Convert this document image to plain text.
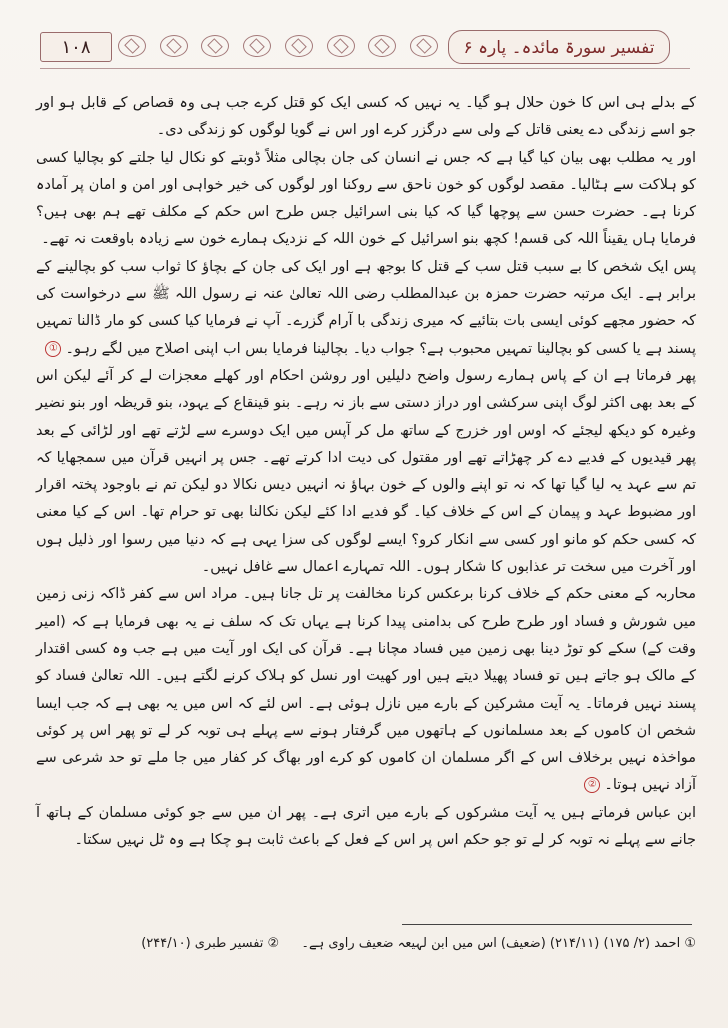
١٠٨	تفسیر سورۃ مائدہ۔ پارہ ۶

کے بدلے ہی اس کا خون حلال ہو گیا۔ یہ نہیں کہ کسی ایک کو قتل کرے جب ہی وہ قصاص کے قابل ہو اور جو اسے زندگی دے یعنی قاتل کے ولی سے درگزر کرے اور اس نے گویا لوگوں کو زندگی دی۔

اور یہ مطلب بھی بیان کیا گیا ہے کہ جس نے انسان کی جان بچالی مثلاً ڈوبتے کو نکال لیا جلتے کو بچالیا کسی کو ہلاکت سے ہٹالیا۔ مقصد لوگوں کو خون ناحق سے روکنا اور لوگوں کی خیر خواہی اور امن و امان پر آمادہ کرنا ہے۔ حضرت حسن سے پوچھا گیا کہ کیا بنی اسرائیل جس طرح اس حکم کے مکلف تھے ہم بھی ہیں؟ فرمایا ہاں یقیناً اللہ کی قسم! کچھ بنو اسرائیل کے خون اللہ کے نزدیک ہمارے خون سے زیادہ باوقعت نہ تھے۔

پس ایک شخص کا بے سبب قتل سب کے قتل کا بوجھ ہے اور ایک کی جان کے بچاؤ کا ثواب سب کو بچالینے کے برابر ہے۔ ایک مرتبہ حضرت حمزہ بن عبدالمطلب رضی اللہ تعالیٰ عنہ نے رسول اللہ ﷺ سے درخواست کی کہ حضور مجھے کوئی ایسی بات بتائیے کہ میری زندگی با آرام گزرے۔ آپ نے فرمایا کیا کسی کو مار ڈالنا تمہیں پسند ہے یا کسی کو بچالینا تمہیں محبوب ہے؟ جواب دیا۔ بچالینا فرمایا بس اب اپنی اصلاح میں لگے رہو۔①

پھر فرماتا ہے ان کے پاس ہمارے رسول واضح دلیلیں اور روشن احکام اور کھلے معجزات لے کر آئے لیکن اس کے بعد بھی اکثر لوگ اپنی سرکشی اور دراز دستی سے باز نہ رہے۔ بنو قینقاع کے یہود، بنو قریظہ اور بنو نضیر وغیرہ کو دیکھ لیجئے کہ اوس اور خزرج کے ساتھ مل کر آپس میں ایک دوسرے سے لڑتے تھے اور لڑائی کے بعد پھر قیدیوں کے فدیے دے کر چھڑاتے تھے اور مقتول کی دیت ادا کرتے تھے۔ جس پر انہیں قرآن میں سمجھایا کہ تم سے عہد یہ لیا گیا تھا کہ نہ تو اپنے والوں کے خون بہاؤ نہ انہیں دیس نکالا دو لیکن تم نے باوجود پختہ اقرار اور مضبوط عہد و پیمان کے اس کے خلاف کیا۔ گو فدیے ادا کئے لیکن نکالنا بھی تو حرام تھا۔ اس کے کیا معنی کہ کسی حکم کو مانو اور کسی سے انکار کرو؟ ایسے لوگوں کی سزا یہی ہے کہ دنیا میں رسوا اور ذلیل ہوں اور آخرت میں سخت تر عذابوں کا شکار ہوں۔ اللہ تمہارے اعمال سے غافل نہیں۔

محاربہ کے معنی حکم کے خلاف کرنا برعکس کرنا مخالفت پر تل جانا ہیں۔ مراد اس سے کفر ڈاکہ زنی زمین میں شورش و فساد اور طرح طرح کی بدامنی پیدا کرنا ہے یہاں تک کہ سلف نے یہ بھی فرمایا ہے کہ (امیر وقت کے) سکے کو توڑ دینا بھی زمین میں فساد مچانا ہے۔ قرآن کی ایک اور آیت میں ہے جب وہ کسی اقتدار کے مالک ہو جاتے ہیں تو فساد پھیلا دیتے ہیں اور کھیت اور نسل کو ہلاک کرنے لگتے ہیں۔ اللہ تعالیٰ فساد کو پسند نہیں فرماتا۔ یہ آیت مشرکین کے بارے میں نازل ہوئی ہے۔ اس لئے کہ اس میں یہ بھی ہے کہ جب ایسا شخص ان کاموں کے بعد مسلمانوں کے ہاتھوں میں گرفتار ہونے سے پہلے ہی توبہ کر لے تو پھر اس پر کوئی مواخذہ نہیں برخلاف اس کے اگر مسلمان ان کاموں کو کرے اور بھاگ کر کفار میں جا ملے تو حد شرعی سے آزاد نہیں ہوتا۔②

ابن عباس فرماتے ہیں یہ آیت مشرکوں کے بارے میں اتری ہے۔ پھر ان میں سے جو کوئی مسلمان کے ہاتھ آ جانے سے پہلے نہ توبہ کر لے تو جو حکم اس پر اس کے فعل کے باعث ثابت ہو چکا ہے وہ ٹل نہیں سکتا۔

① احمد (۲/ ۱۷۵) (۲۱۴/۱۱) (ضعیف) اس میں ابن لہیعہ ضعیف راوی ہے۔ ② تفسیر طبری (۲۴۴/۱۰)
